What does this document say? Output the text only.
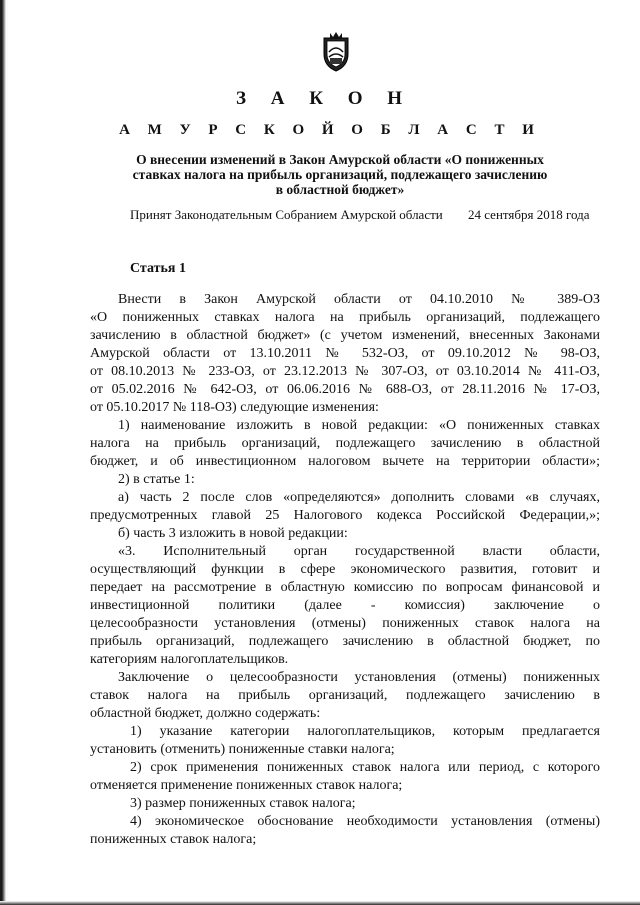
З А К О Н
А М У Р С К О Й О Б Л А С Т И
О внесении изменений в Закон Амурской области «О пониженных
ставках налога на прибыль организаций, подлежащего зачислению
в областной бюджет»
Принят Законодательным Собранием Амурской области 24 сентября 2018 года
Статья 1
Внести в Закон Амурской области от 04.10.2010 № 389-ОЗ
«О пониженных ставках налога на прибыль организаций, подлежащего
зачислению в областной бюджет» (с учетом изменений, внесенных Законами
Амурской области от 13.10.2011 № 532-ОЗ, от 09.10.2012 № 98-ОЗ,
от 08.10.2013 № 233-ОЗ, от 23.12.2013 № 307-ОЗ, от 03.10.2014 № 411-ОЗ,
от 05.02.2016 № 642-ОЗ, от 06.06.2016 № 688-ОЗ, от 28.11.2016 № 17-ОЗ,
от 05.10.2017 № 118-ОЗ) следующие изменения:
1) наименование изложить в новой редакции: «О пониженных ставках
налога на прибыль организаций, подлежащего зачислению в областной
бюджет, и об инвестиционном налоговом вычете на территории области»;
2) в статье 1:
а) часть 2 после слов «определяются» дополнить словами «в случаях,
предусмотренных главой 25 Налогового кодекса Российской Федерации,»;
б) часть 3 изложить в новой редакции:
«3. Исполнительный орган государственной власти области,
осуществляющий функции в сфере экономического развития, готовит и
передает на рассмотрение в областную комиссию по вопросам финансовой и
инвестиционной политики (далее - комиссия) заключение о
целесообразности установления (отмены) пониженных ставок налога на
прибыль организаций, подлежащего зачислению в областной бюджет, по
категориям налогоплательщиков.
Заключение о целесообразности установления (отмены) пониженных
ставок налога на прибыль организаций, подлежащего зачислению в
областной бюджет, должно содержать:
1) указание категории налогоплательщиков, которым предлагается
установить (отменить) пониженные ставки налога;
2) срок применения пониженных ставок налога или период, с которого
отменяется применение пониженных ставок налога;
3) размер пониженных ставок налога;
4) экономическое обоснование необходимости установления (отмены)
пониженных ставок налога;
